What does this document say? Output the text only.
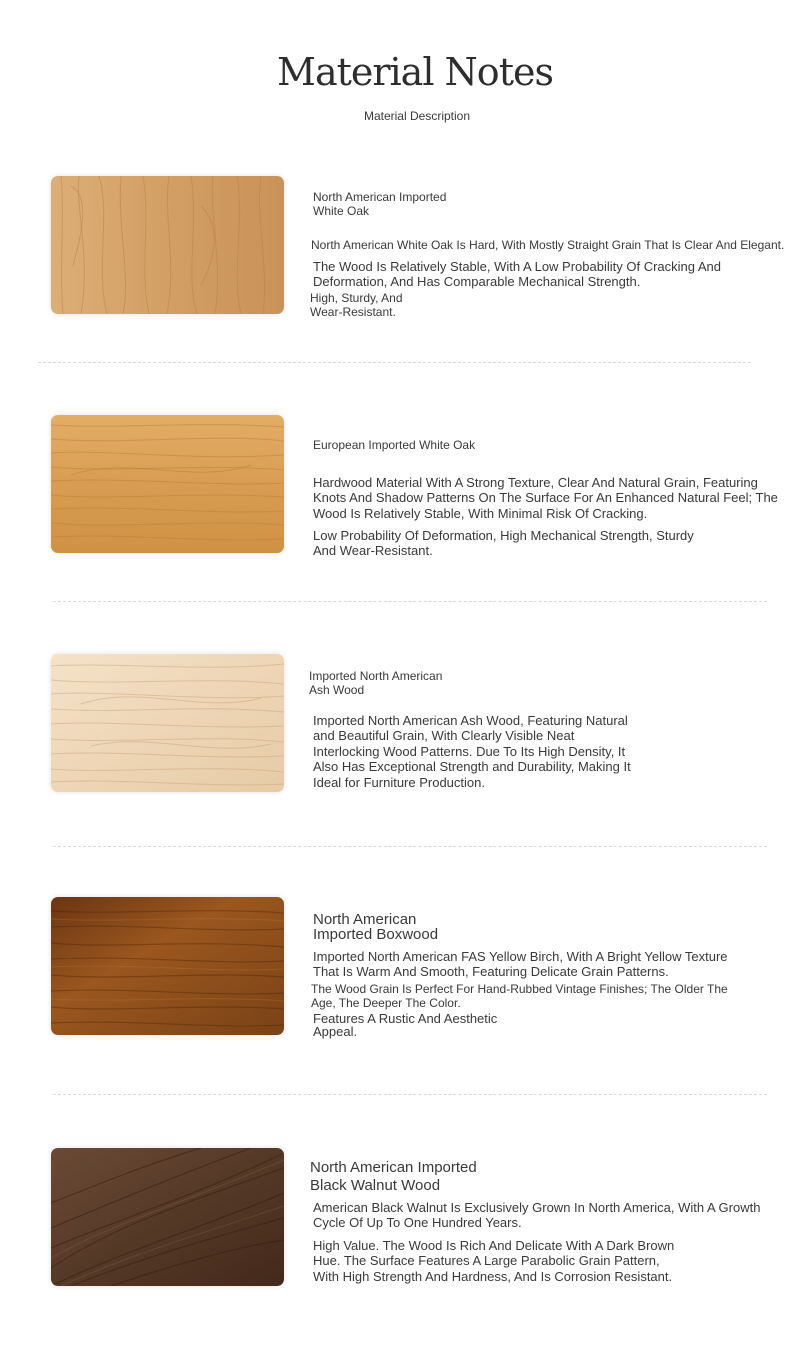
Material Notes
Material Description
North American Imported
White Oak
North American White Oak Is Hard, With Mostly Straight Grain That Is Clear And Elegant.
The Wood Is Relatively Stable, With A Low Probability Of Cracking And
Deformation, And Has Comparable Mechanical Strength.
High, Sturdy, And
Wear-Resistant.
European Imported White Oak
Hardwood Material With A Strong Texture, Clear And Natural Grain, Featuring
Knots And Shadow Patterns On The Surface For An Enhanced Natural Feel; The
Wood Is Relatively Stable, With Minimal Risk Of Cracking.
Low Probability Of Deformation, High Mechanical Strength, Sturdy
And Wear-Resistant.
Imported North American
Ash Wood
Imported North American Ash Wood, Featuring Natural
and Beautiful Grain, With Clearly Visible Neat
Interlocking Wood Patterns. Due To Its High Density, It
Also Has Exceptional Strength and Durability, Making It
Ideal for Furniture Production.
North American
Imported Boxwood
Imported North American FAS Yellow Birch, With A Bright Yellow Texture
That Is Warm And Smooth, Featuring Delicate Grain Patterns.
The Wood Grain Is Perfect For Hand-Rubbed Vintage Finishes; The Older The
Age, The Deeper The Color.
Features A Rustic And Aesthetic
Appeal.
North American Imported
Black Walnut Wood
American Black Walnut Is Exclusively Grown In North America, With A Growth
Cycle Of Up To One Hundred Years.
High Value. The Wood Is Rich And Delicate With A Dark Brown
Hue. The Surface Features A Large Parabolic Grain Pattern,
With High Strength And Hardness, And Is Corrosion Resistant.
